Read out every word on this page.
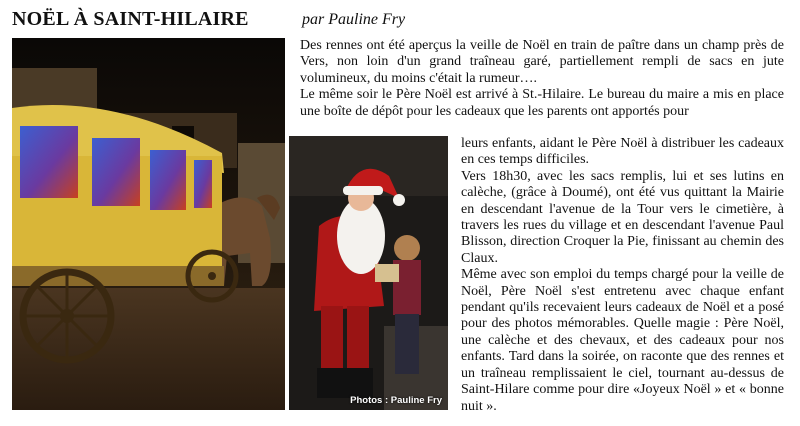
NOËL À SAINT-HILAIRE	par Pauline Fry
Photos : Pauline Fry

Des rennes ont été aperçus la veille de Noël en train de paître dans un champ près de Vers, non loin d'un grand traîneau garé, partiellement rempli de sacs en jute volumineux, du moins c'était la rumeur….

Le même soir le Père Noël est arrivé à St.-Hilaire. Le bureau du maire a mis en place une boîte de dépôt pour les cadeaux que les parents ont apportés pour

leurs enfants, aidant le Père Noël à distribuer les cadeaux en ces temps difficiles.

Vers 18h30, avec les sacs remplis, lui et ses lutins en calèche, (grâce à Doumé), ont été vus quittant la Mairie en descendant l'avenue de la Tour vers le cimetière, à travers les rues du village et en descendant l'avenue Paul Blisson, direction Croquer la Pie, finissant au chemin des Claux.

Même avec son emploi du temps chargé pour la veille de Noël, Père Noël s'est entretenu avec chaque enfant pendant qu'ils recevaient leurs cadeaux de Noël et a posé pour des photos mémorables. Quelle magie : Père Noël, une calèche et des chevaux, et des cadeaux pour nos enfants. Tard dans la soirée, on raconte que des rennes et un traîneau remplissaient le ciel, tournant au-dessus de Saint-Hilare comme pour dire «Joyeux Noël » et « bonne nuit ».
